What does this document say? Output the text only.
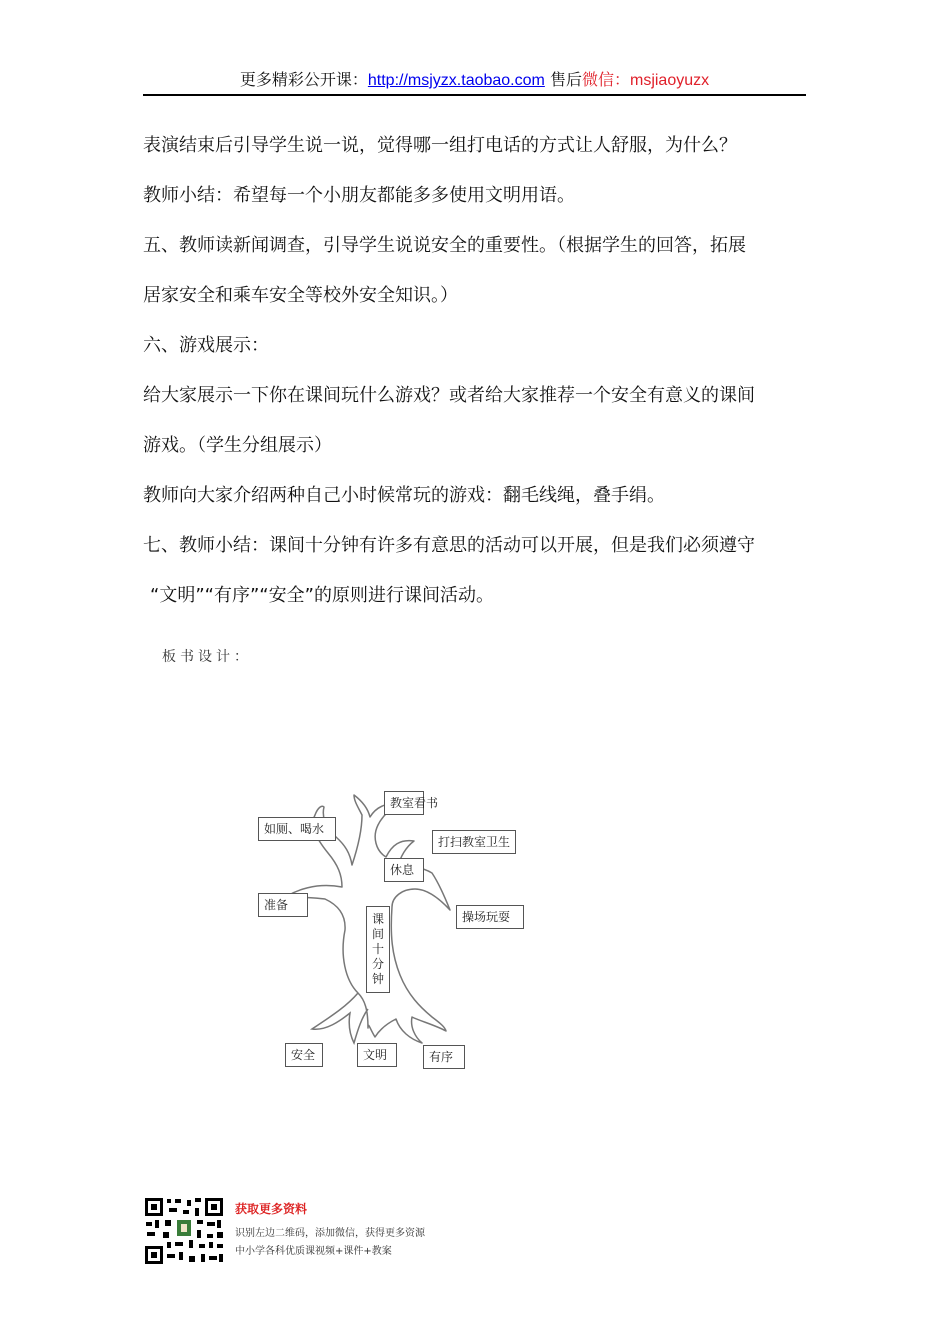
更多精彩公开课：http://msjyzx.taobao.com 售后微信：msjiaoyuzx

表演结束后引导学生说一说，觉得哪一组打电话的方式让人舒服，为什么？

教师小结：希望每一个小朋友都能多多使用文明用语。

五、教师读新闻调查，引导学生说说安全的重要性。（根据学生的回答，拓展

居家安全和乘车安全等校外安全知识。）

六、游戏展示：

给大家展示一下你在课间玩什么游戏？或者给大家推荐一个安全有意义的课间

游戏。（学生分组展示）

教师向大家介绍两种自己小时候常玩的游戏：翻毛线绳，叠手绢。

七、教师小结：课间十分钟有许多有意思的活动可以开展，但是我们必须遵守

“文明”“有序”“安全”的原则进行课间活动。

板书设计：
如厕、喝水
教室看书
打扫教室卫生
休息
准备
操场玩耍
课间十分钟
安全	文明	有序
获取更多资料
识别左边二维码，添加微信，获得更多资源
中小学各科优质课视频+课件+教案
